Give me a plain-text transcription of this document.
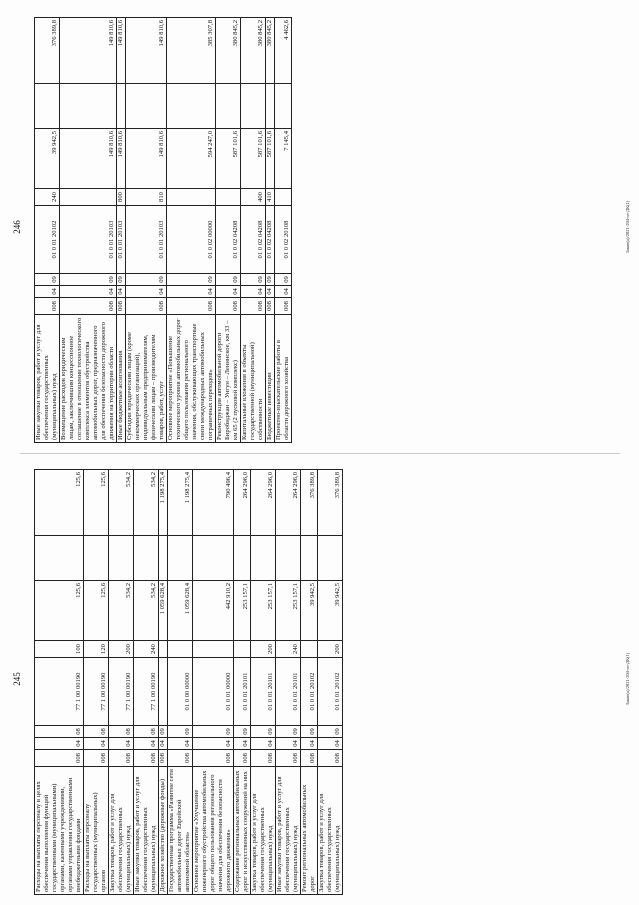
245
Расходы на выплаты персоналу в целях обеспечения выполнения функций государственными (муниципальными) органами, казенными учреждениями, органами управления государственными внебюджетными фондами	008	04	08	77 1 00 00190	100	125,6		125,6
Расходы на выплаты персоналу государственных (муниципальных) органов	008	04	08	77 1 00 00190	120	125,6		125,6
Закупка товаров, работ и услуг для обеспечения государственных (муниципальных) нужд	008	04	08	77 1 00 00190	200	534,2		534,2
Иные закупки товаров, работ и услуг для обеспечения государственных (муниципальных) нужд	008	04	08	77 1 00 00190	240	534,2		534,2
Дорожное хозяйство (дорожные фонды)	008	04	09			1 059 628,4		1 198 275,4
Государственная программа «Развитие сети автомобильных дорог Еврейской автономной области»	008	04	09	01 0 00 00000		1 059 628,4		1 198 275,4
Основное мероприятие «Улучшение инженерного обустройства автомобильных дорог общего пользования регионального значения для обеспечения безопасности дорожного движения»	008	04	09	01 0 01 00000		442 910,2		790 496,4
Содержание региональных автомобильных дорог и искусственных сооружений на них	008	04	09	01 0 01 20101		253 157,1		264 296,0
Закупка товаров, работ и услуг для обеспечения государственных (муниципальных) нужд	008	04	09	01 0 01 20101	200	253 157,1		264 296,0
Иные закупки товаров, работ и услуг для обеспечения государственных (муниципальных) нужд	008	04	09	01 0 01 20101	240	253 157,1		264 296,0
Ремонт региональных автомобильных дорог	008	04	09	01 0 01 20102		39 942,5		376 389,8
Закупка товаров, работ и услуг для обеспечения государственных (муниципальных) нужд	008	04	09	01 0 01 20102	200	39 942,5		376 389,8
Закон(а)/2021-204-оз-ДК(1)
246
Иные закупки товаров, работ и услуг для обеспечения государственных (муниципальных) нужд	008	04	09	01 0 01 20102	240	39 942,5		376 389,8
Возмещение расходов юридическим лицам, заключившим концессионное соглашение в отношении технологического комплекса элементов обустройства автомобильных дорог, предназначенного для обеспечения безопасности дорожного движения на территории области	008	04	09	01 0 01 20103		149 810,6		149 810,6
Иные бюджетные ассигнования	008	04	09	01 0 01 20103	800	149 810,6		149 810,6
Субсидии юридическим лицам (кроме некоммерческих организаций), индивидуальным предпринимателям, физическим лицам – производителям товаров, работ, услуг	008	04	09	01 0 01 20103	810	149 810,6		149 810,6
Основное мероприятие «Повышение технического уровня автомобильных дорог общего пользования регионального значения, обслуживающих транспортные связи международных автомобильных пограничных переходов»	008	04	09	01 0 02 00000		594 247,0		385 307,8
Реконструкция автомобильной дороги Биробиджан – Унгун – Ленинское, км 33 – км 65 (2 пусковой комплекс)	008	04	09	01 0 02 04208		587 101,6		380 845,2
Капитальные вложения в объекты государственной (муниципальной) собственности	008	04	09	01 0 02 04208	400	587 101,6		380 845,2
Бюджетные инвестиции	008	04	09	01 0 02 04208	410	587 101,6		380 845,2
Проектно-изыскательские работы в области дорожного хозяйства	008	04	09	01 0 02 20108		7 145,4		4 462,6
Закон(а)/2021-204-оз-ДК(1)
